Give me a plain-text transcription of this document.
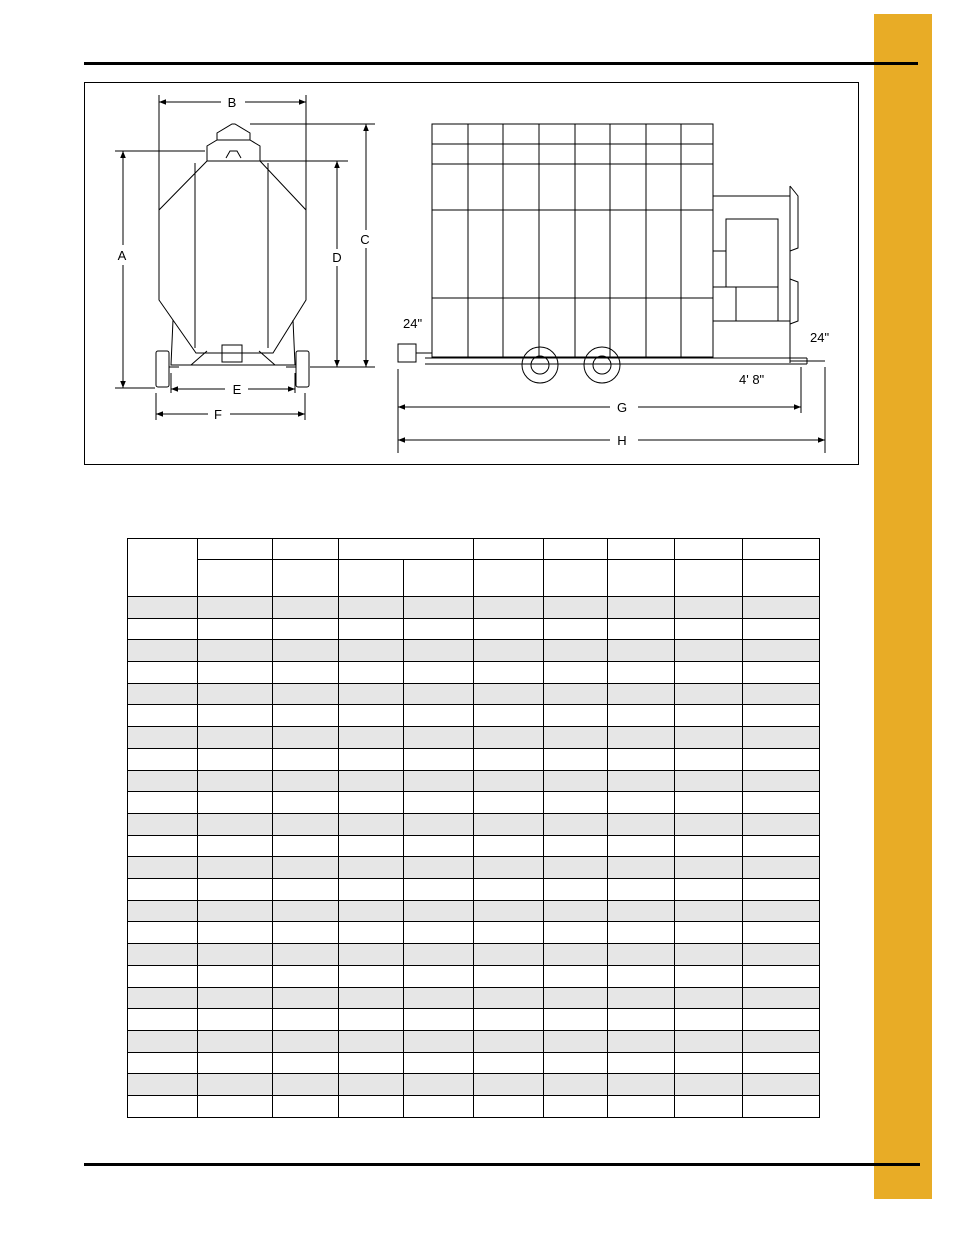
B
A
C
D
E
F	G
H
24"
24"
4' 8"
